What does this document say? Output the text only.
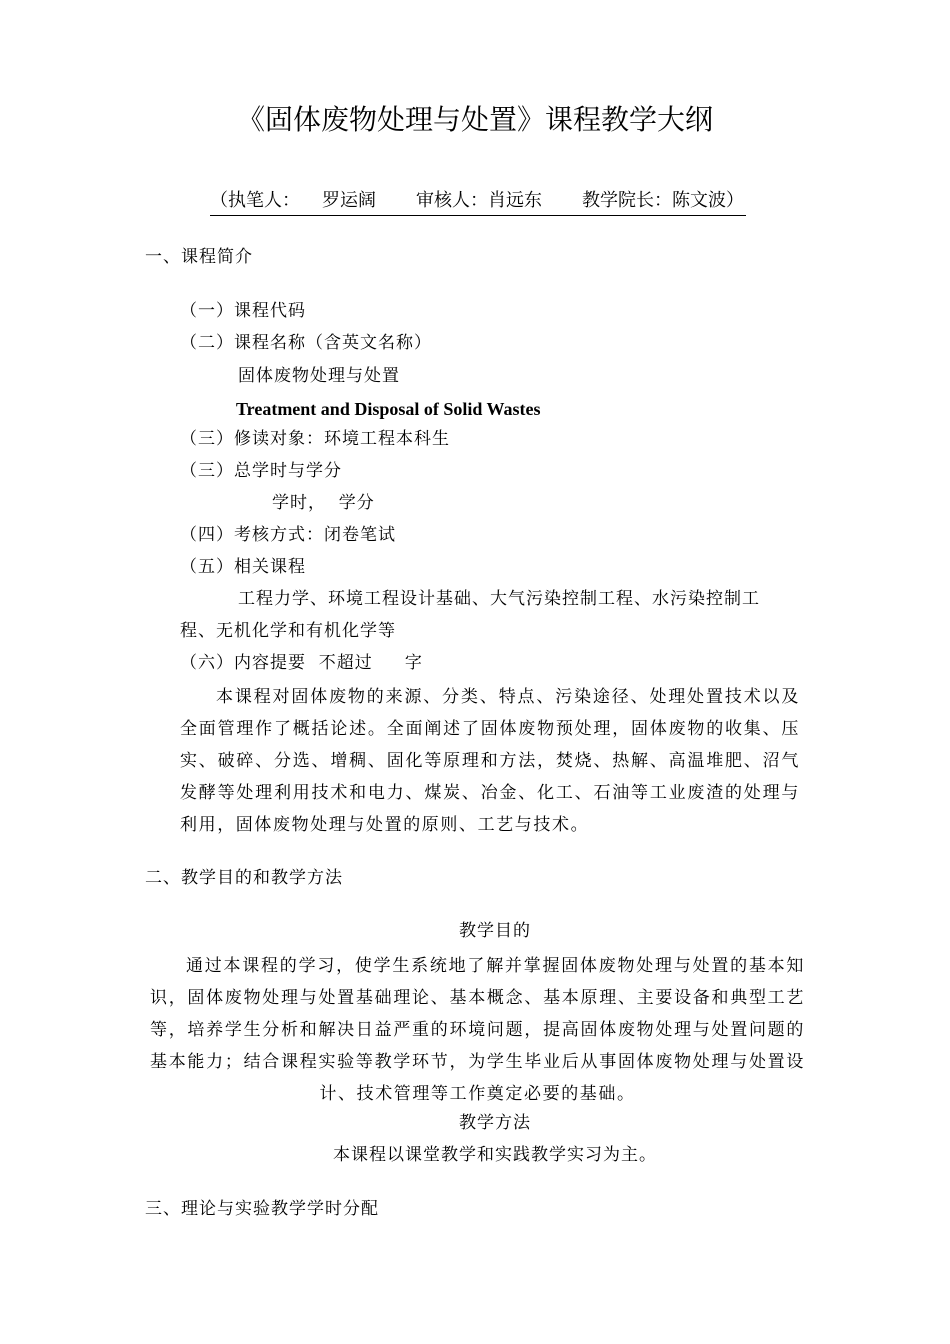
《固体废物处理与处置》课程教学大纲
（执笔人： 罗运阔 审核人：肖远东 教学院长：陈文波）
一、课程简介
（一）课程代码
（二）课程名称（含英文名称）
固体废物处理与处置
Treatment and Disposal of Solid Wastes
（三）修读对象：环境工程本科生
（三）总学时与学分
学时，  学分
（四）考核方式：闭卷笔试
（五）相关课程
工程力学、环境工程设计基础、大气污染控制工程、水污染控制工
程、无机化学和有机化学等
（六）内容提要  不超过     字
本课程对固体废物的来源、分类、特点、污染途径、处理处置技术以及全面管理作了概括论述。全面阐述了固体废物预处理，固体废物的收集、压实、破碎、分选、增稠、固化等原理和方法，焚烧、热解、高温堆肥、沼气发酵等处理利用技术和电力、煤炭、冶金、化工、石油等工业废渣的处理与利用，固体废物处理与处置的原则、工艺与技术。
二、教学目的和教学方法
教学目的
通过本课程的学习，使学生系统地了解并掌握固体废物处理与处置的基本知识，固体废物处理与处置基础理论、基本概念、基本原理、主要设备和典型工艺等，培养学生分析和解决日益严重的环境问题，提高固体废物处理与处置问题的基本能力；结合课程实验等教学环节，为学生毕业后从事固体废物处理与处置设计、技术管理等工作奠定必要的基础。
教学方法
本课程以课堂教学和实践教学实习为主。
三、理论与实验教学学时分配
